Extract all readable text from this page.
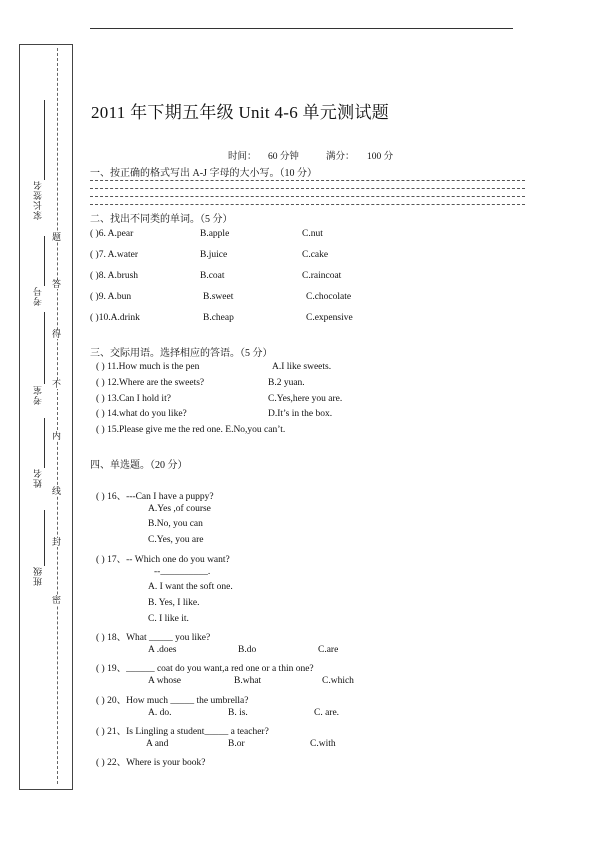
家长签名
考号
考室
姓名
班级
题
答
得
不
内
线
封
密
2011 年下期五年级 Unit 4-6 单元测试题
时间： 60 分钟	满分： 100 分
一、按正确的格式写出 A-J 字母的大小写。（10 分）
二、找出不同类的单词。（5 分）
( )6. A.pear	B.apple	C.nut
( )7. A.water	B.juice	C.cake
( )8. A.brush	B.coat	C.raincoat
( )9. A.bun	B.sweet	C.chocolate
( )10.A.drink	B.cheap	C.expensive
三、交际用语。选择相应的答语。（5 分）
( ) 11.How much is the pen	A.I like sweets.
( ) 12.Where are the sweets?	B.2 yuan.
( ) 13.Can I hold it?	C.Yes,here you are.
( ) 14.what do you like?	D.It’s in the box.
( ) 15.Please give me the red one. E.No,you can’t.
四、单选题。（20 分）
( ) 16、---Can I have a puppy?
A.Yes ,of course
B.No, you can
C.Yes, you are
( ) 17、-- Which one do you want?
--__________.
A. I want the soft one.
B. Yes, I like.
C. I like it.
( ) 18、What _____ you like?
A .does	B.do	C.are
( ) 19、______ coat do you want,a red one or a thin one?
A whose	B.what	C.which
( ) 20、How much _____ the umbrella?
A. do.	B. is.	C. are.
( ) 21、Is Lingling a student_____ a teacher?
A and	B.or	C.with
( ) 22、Where is your book?
